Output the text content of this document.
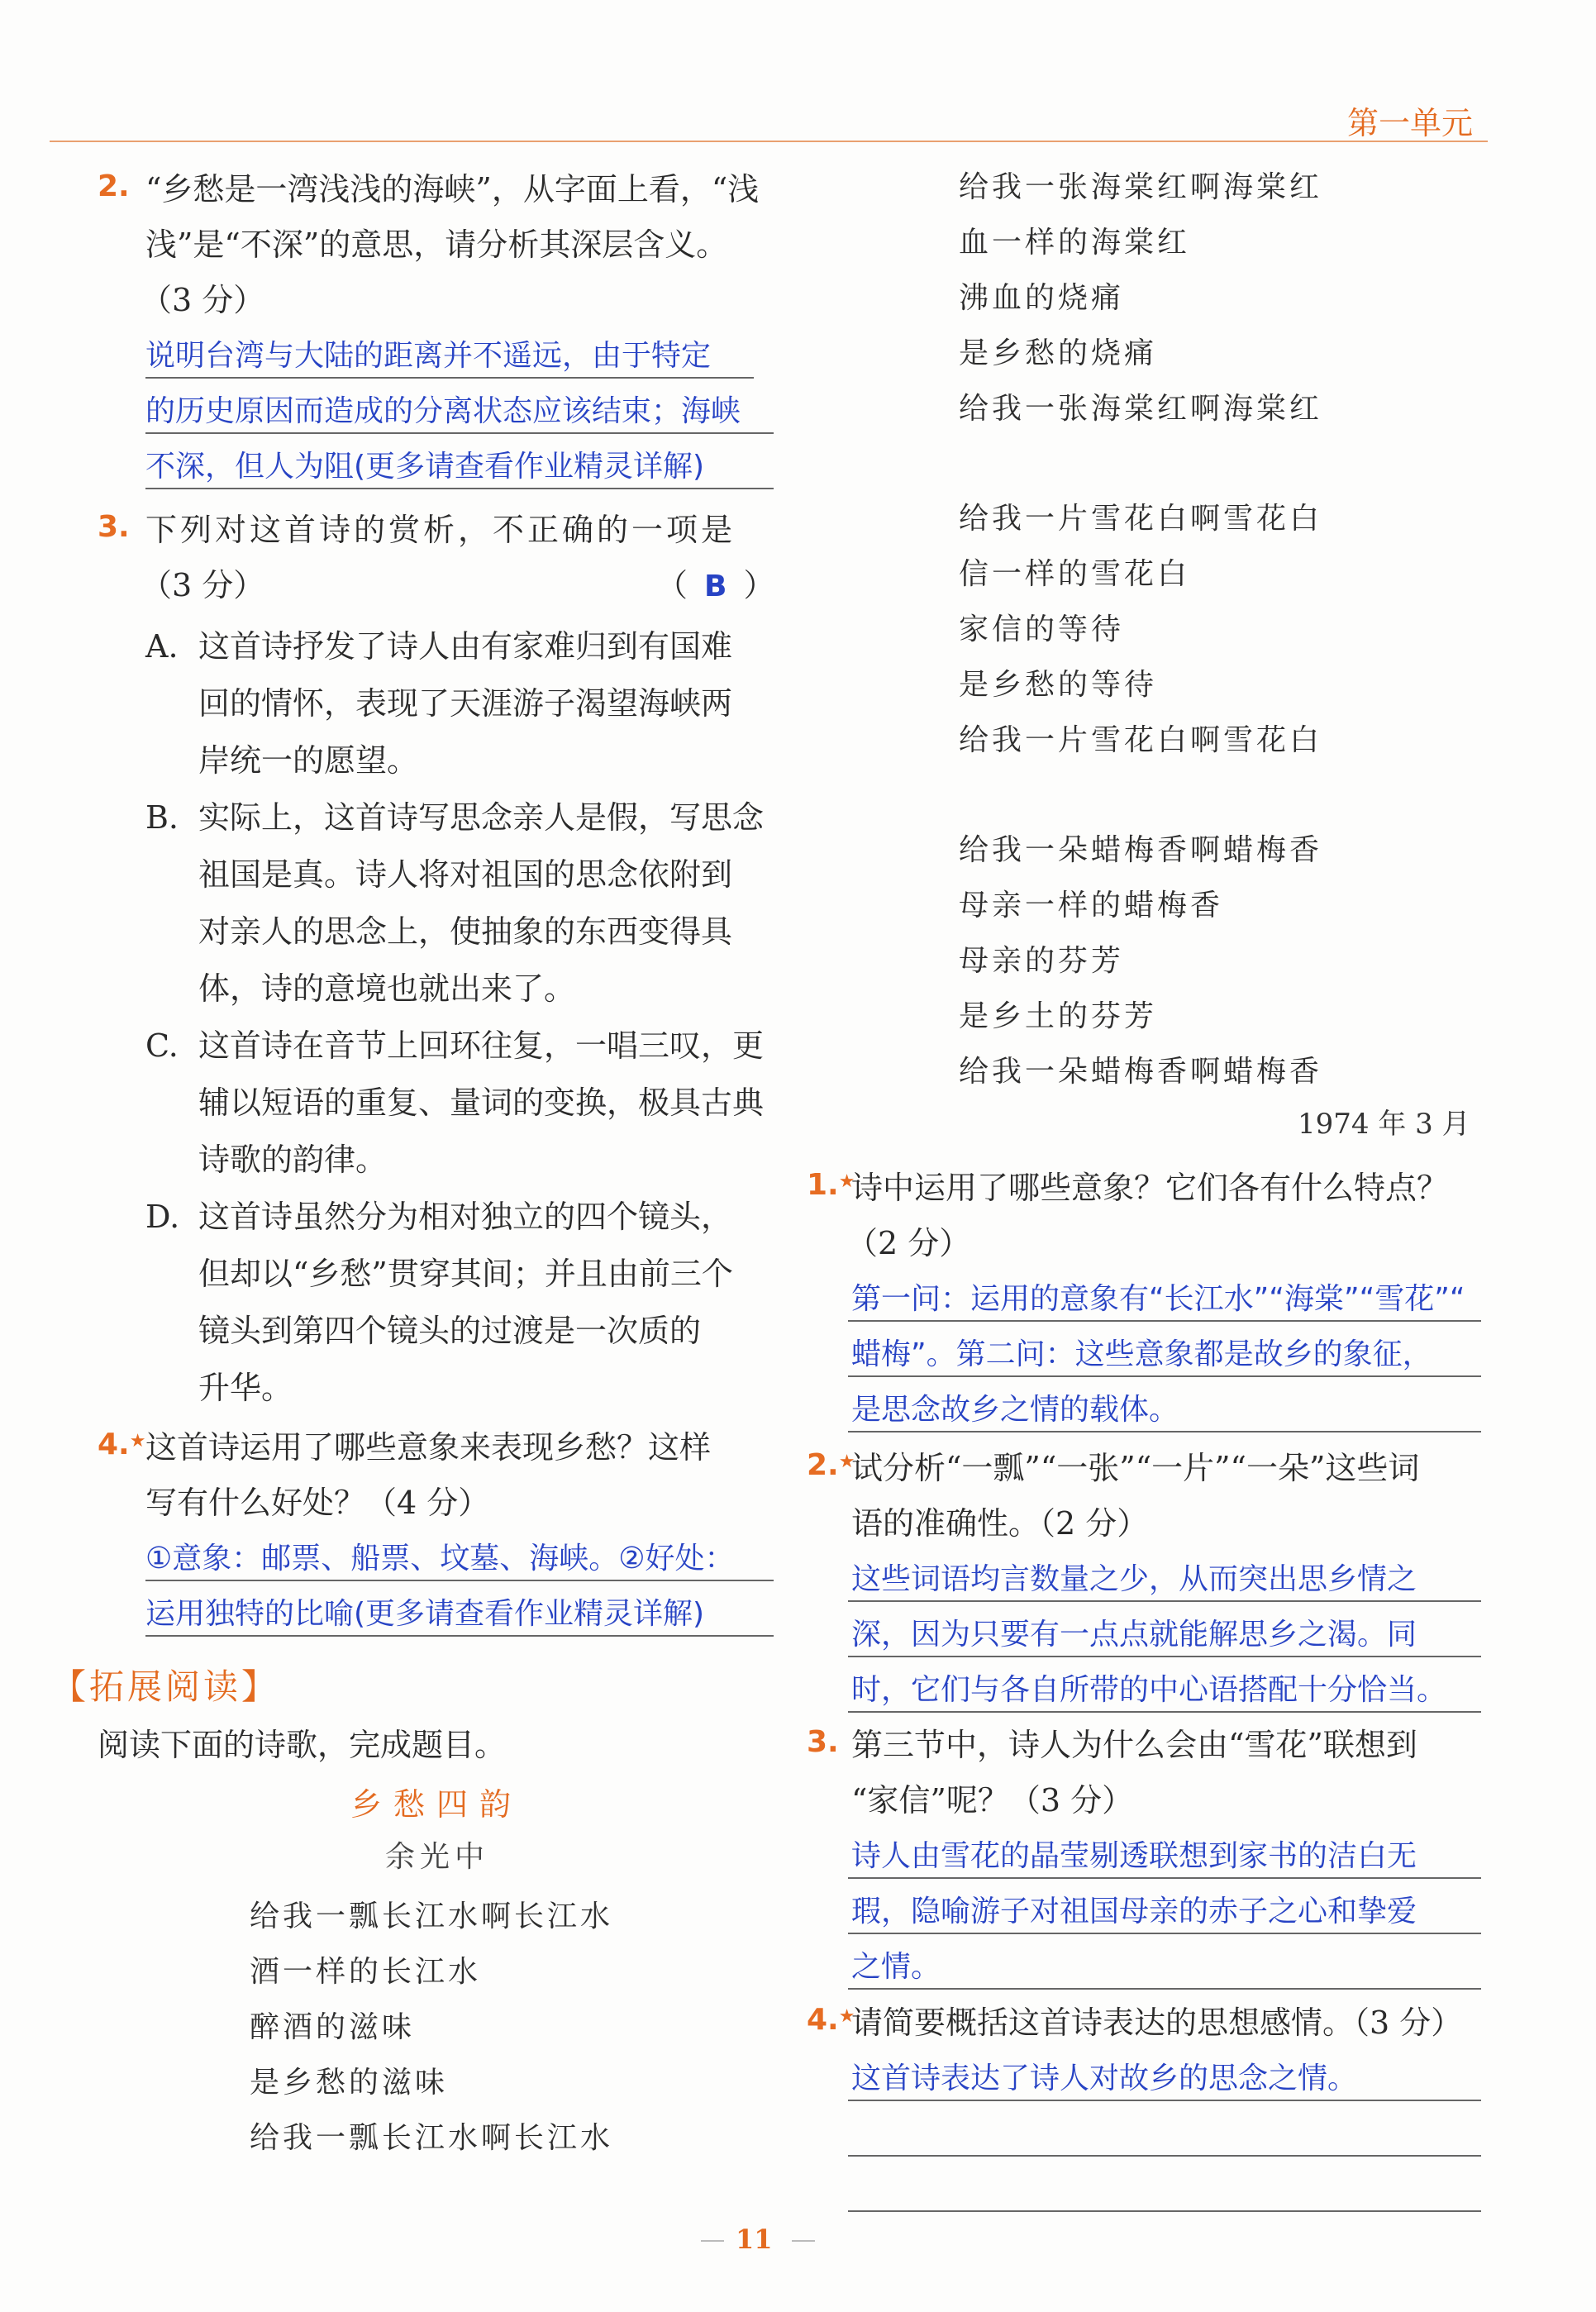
第一单元
2. “乡愁是一湾浅浅的海峡”，从字面上看，“浅
浅”是“不深”的意思，请分析其深层含义。
（3 分）
说明台湾与大陆的距离并不遥远，由于特定
的历史原因而造成的分离状态应该结束；海峡
不深，但人为阻(更多请查看作业精灵详解)
3. 下列对这首诗的赏析，不正确的一项是
（3 分）	（ B ）
A. 这首诗抒发了诗人由有家难归到有国难
回的情怀，表现了天涯游子渴望海峡两
岸统一的愿望。
B. 实际上，这首诗写思念亲人是假，写思念
祖国是真。诗人将对祖国的思念依附到
对亲人的思念上，使抽象的东西变得具
体，诗的意境也就出来了。
C. 这首诗在音节上回环往复，一唱三叹，更
辅以短语的重复、量词的变换，极具古典
诗歌的韵律。
D. 这首诗虽然分为相对独立的四个镜头，
但却以“乡愁”贯穿其间；并且由前三个
镜头到第四个镜头的过渡是一次质的
升华。
4.★ 这首诗运用了哪些意象来表现乡愁？这样
写有什么好处？（4 分）
①意象：邮票、船票、坟墓、海峡。②好处：
运用独特的比喻(更多请查看作业精灵详解)
【拓展阅读】
阅读下面的诗歌，完成题目。
乡愁四韵
余光中
给我一瓢长江水啊长江水
酒一样的长江水
醉酒的滋味
是乡愁的滋味
给我一瓢长江水啊长江水
给我一张海棠红啊海棠红
血一样的海棠红
沸血的烧痛
是乡愁的烧痛
给我一张海棠红啊海棠红
给我一片雪花白啊雪花白
信一样的雪花白
家信的等待
是乡愁的等待
给我一片雪花白啊雪花白
给我一朵蜡梅香啊蜡梅香
母亲一样的蜡梅香
母亲的芬芳
是乡土的芬芳
给我一朵蜡梅香啊蜡梅香
1974 年 3 月
1.★
诗中运用了哪些意象？它们各有什么特点？
（2 分）
第一问：运用的意象有“长江水”“海棠”“雪花”“
蜡梅”。第二问：这些意象都是故乡的象征，
是思念故乡之情的载体。
2.★
试分析“一瓢”“一张”“一片”“一朵”这些词
语的准确性。（2 分）
这些词语均言数量之少，从而突出思乡情之
深，因为只要有一点点就能解思乡之渴。同
时，它们与各自所带的中心语搭配十分恰当。
3. 第三节中，诗人为什么会由“雪花”联想到
“家信”呢？（3 分）
诗人由雪花的晶莹剔透联想到家书的洁白无
瑕，隐喻游子对祖国母亲的赤子之心和挚爱
之情。
4.★
请简要概括这首诗表达的思想感情。（3 分）
这首诗表达了诗人对故乡的思念之情。
11
